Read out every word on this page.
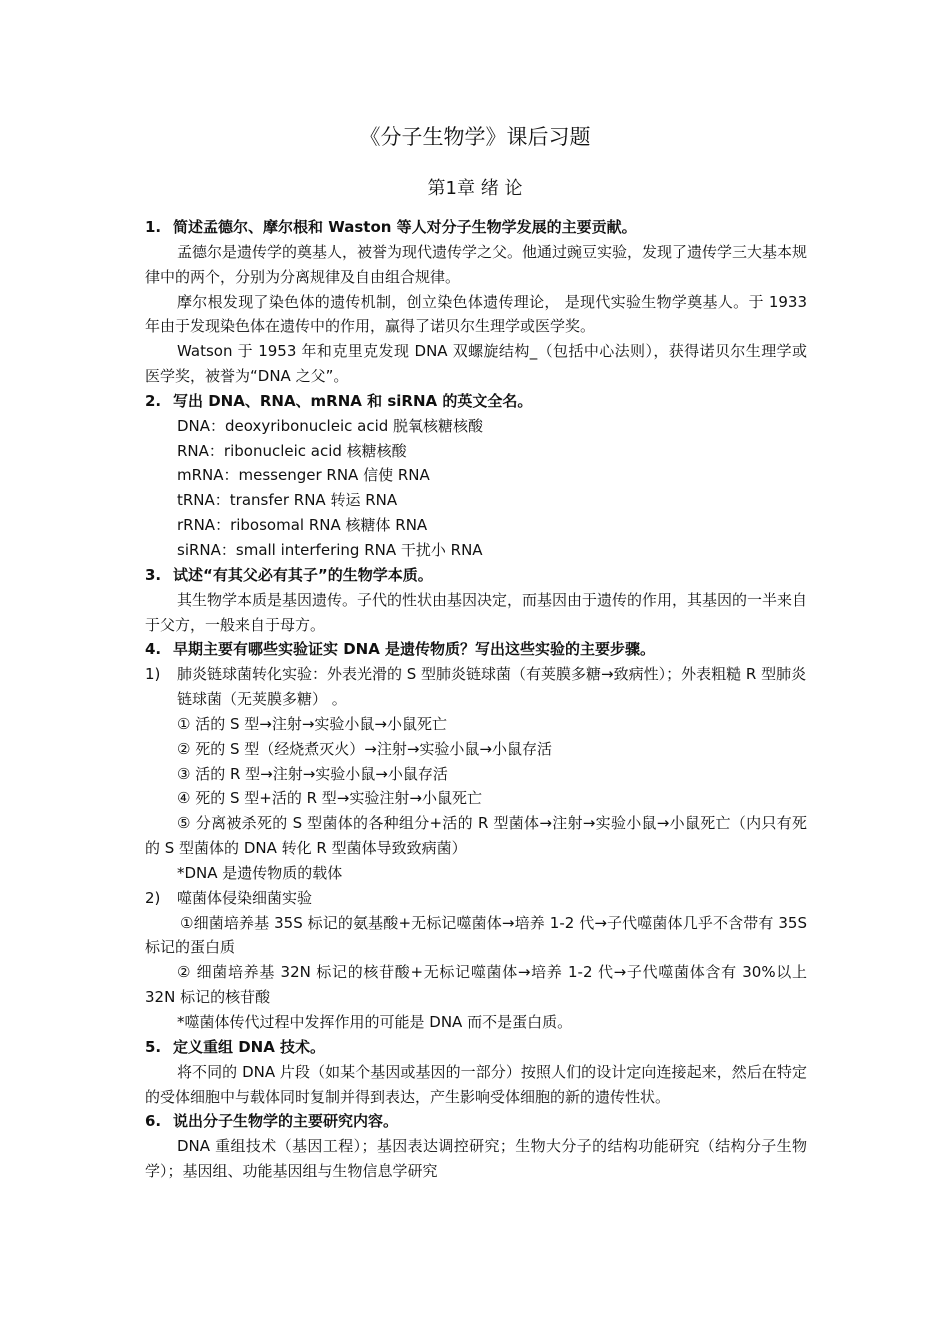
《分子生物学》课后习题
第1章 绪 论

1. 简述孟德尔、摩尔根和 Waston 等人对分子生物学发展的主要贡献。

孟德尔是遗传学的奠基人，被誉为现代遗传学之父。他通过豌豆实验，发现了遗传学三大基本规律中的两个，分别为分离规律及自由组合规律。

摩尔根发现了染色体的遗传机制，创立染色体遗传理论， 是现代实验生物学奠基人。于 1933 年由于发现染色体在遗传中的作用，赢得了诺贝尔生理学或医学奖。

Watson 于 1953 年和克里克发现 DNA 双螺旋结构_（包括中心法则），获得诺贝尔生理学或医学奖，被誉为“DNA 之父”。

2. 写出 DNA、RNA、mRNA 和 siRNA 的英文全名。

DNA：deoxyribonucleic acid 脱氧核糖核酸

RNA：ribonucleic acid 核糖核酸

mRNA：messenger RNA 信使 RNA

tRNA：transfer RNA 转运 RNA

rRNA：ribosomal RNA 核糖体 RNA

siRNA：small interfering RNA 干扰小 RNA

3. 试述“有其父必有其子”的生物学本质。

其生物学本质是基因遗传。子代的性状由基因决定，而基因由于遗传的作用，其基因的一半来自于父方，一般来自于母方。

4. 早期主要有哪些实验证实 DNA 是遗传物质？写出这些实验的主要步骤。

1)	肺炎链球菌转化实验：外表光滑的 S 型肺炎链球菌（有荚膜多糖→致病性）；外表粗糙 R 型肺炎链球菌（无荚膜多糖） 。

① 活的 S 型→注射→实验小鼠→小鼠死亡

② 死的 S 型（经烧煮灭火）→注射→实验小鼠→小鼠存活

③ 活的 R 型→注射→实验小鼠→小鼠存活

④ 死的 S 型+活的 R 型→实验注射→小鼠死亡

⑤ 分离被杀死的 S 型菌体的各种组分+活的 R 型菌体→注射→实验小鼠→小鼠死亡（内只有死的 S 型菌体的 DNA 转化 R 型菌体导致致病菌）

*DNA 是遗传物质的载体

2)	噬菌体侵染细菌实验

①细菌培养基 35S 标记的氨基酸+无标记噬菌体→培养 1-2 代→子代噬菌体几乎不含带有 35S 标记的蛋白质

② 细菌培养基 32N 标记的核苷酸+无标记噬菌体→培养 1-2 代→子代噬菌体含有 30%以上 32N 标记的核苷酸

*噬菌体传代过程中发挥作用的可能是 DNA 而不是蛋白质。

5. 定义重组 DNA 技术。

将不同的 DNA 片段（如某个基因或基因的一部分）按照人们的设计定向连接起来，然后在特定的受体细胞中与载体同时复制并得到表达，产生影响受体细胞的新的遗传性状。

6. 说出分子生物学的主要研究内容。

DNA 重组技术（基因工程）；基因表达调控研究；生物大分子的结构功能研究（结构分子生物学）；基因组、功能基因组与生物信息学研究
